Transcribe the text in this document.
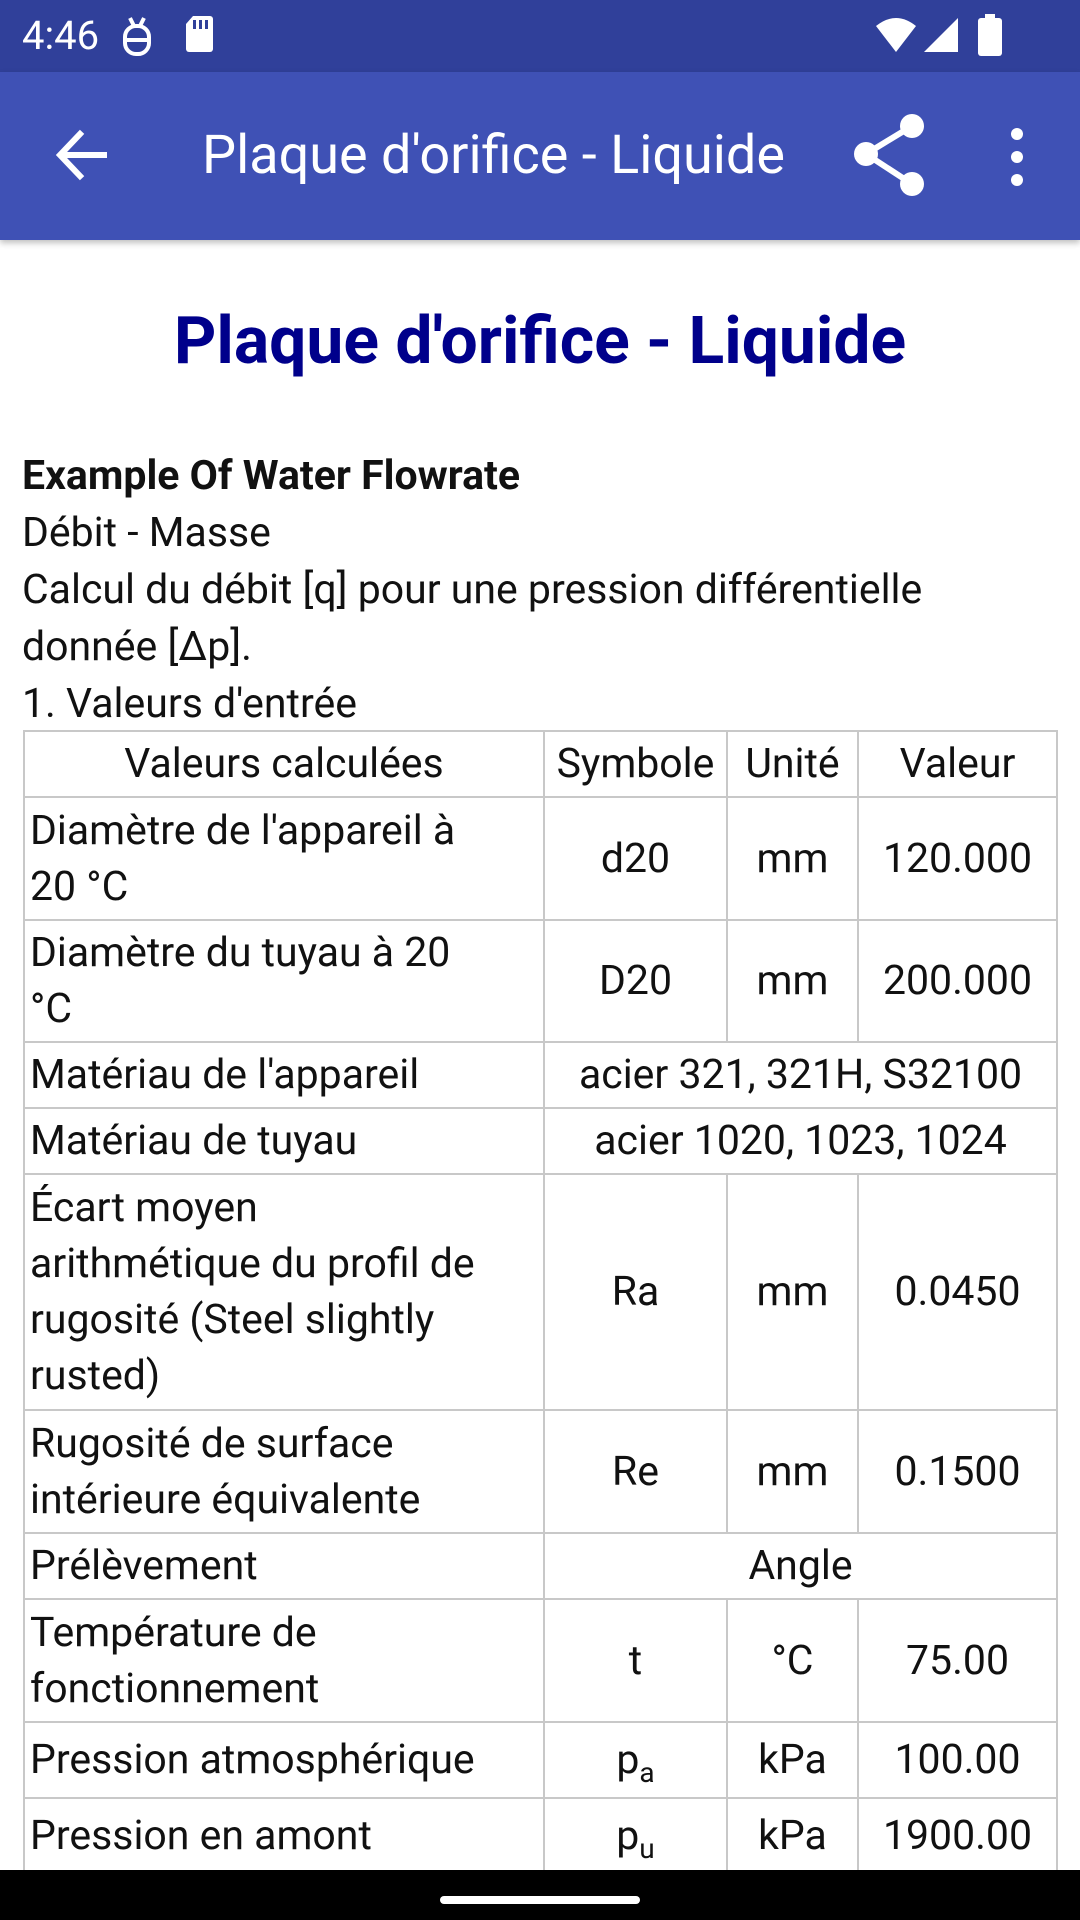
4:46
Plaque d'orifice - Liquide
Plaque d'orifice - Liquide
Example Of Water Flowrate
Débit - Masse
Calcul du débit [q] pour une pression différentielle
donnée [Δp].
1. Valeurs d'entrée
Valeurs calculées	Symbole	Unité	Valeur

Diamètre de l'appareil à
20 °C	d20	mm	120.000

Diamètre du tuyau à 20
°C	D20	mm	200.000
Matériau de l'appareil	acier 321, 321H, S32100		
Matériau de tuyau	acier 1020, 1023, 1024		

Écart moyen
arithmétique du profil de
rugosité (Steel slightly
rusted)	Ra	mm	0.0450

Rugosité de surface
intérieure équivalente	Re	mm	0.1500
Prélèvement	Angle		

Température de
fonctionnement	t	°C	75.00
Pression atmosphérique	$p_a$	kPa	100.00
Pression en amont	$p_u$	kPa	1900.00
